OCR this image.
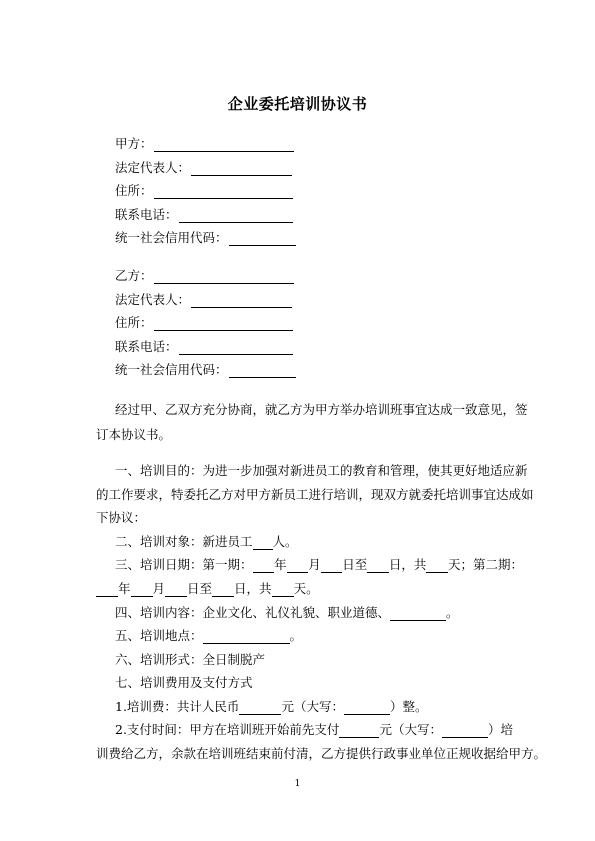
企业委托培训协议书
甲方：
法定代表人：
住所：
联系电话：
统一社会信用代码：
乙方：
法定代表人：
住所：
联系电话：
统一社会信用代码：
经过甲、乙双方充分协商，就乙方为甲方举办培训班事宜达成一致意见，签
订本协议书。
一、培训目的：为进一步加强对新进员工的教育和管理，使其更好地适应新
的工作要求，特委托乙方对甲方新员工进行培训，现双方就委托培训事宜达成如
下协议：
二、培训对象：新进员工 人。
三、培训日期：第一期： 年 月 日至 日，共 天；第二期：
年 月 日至 日，共 天。
四、培训内容：企业文化、礼仪礼貌、职业道德、	。
五、培训地点：	。
六、培训形式：全日制脱产
七、培训费用及支付方式
1.培训费：共计人民币	元（大写：	）整。
2.支付时间：甲方在培训班开始前先支付	元（大写：	）培
训费给乙方，余款在培训班结束前付清，乙方提供行政事业单位正规收据给甲方。
1
